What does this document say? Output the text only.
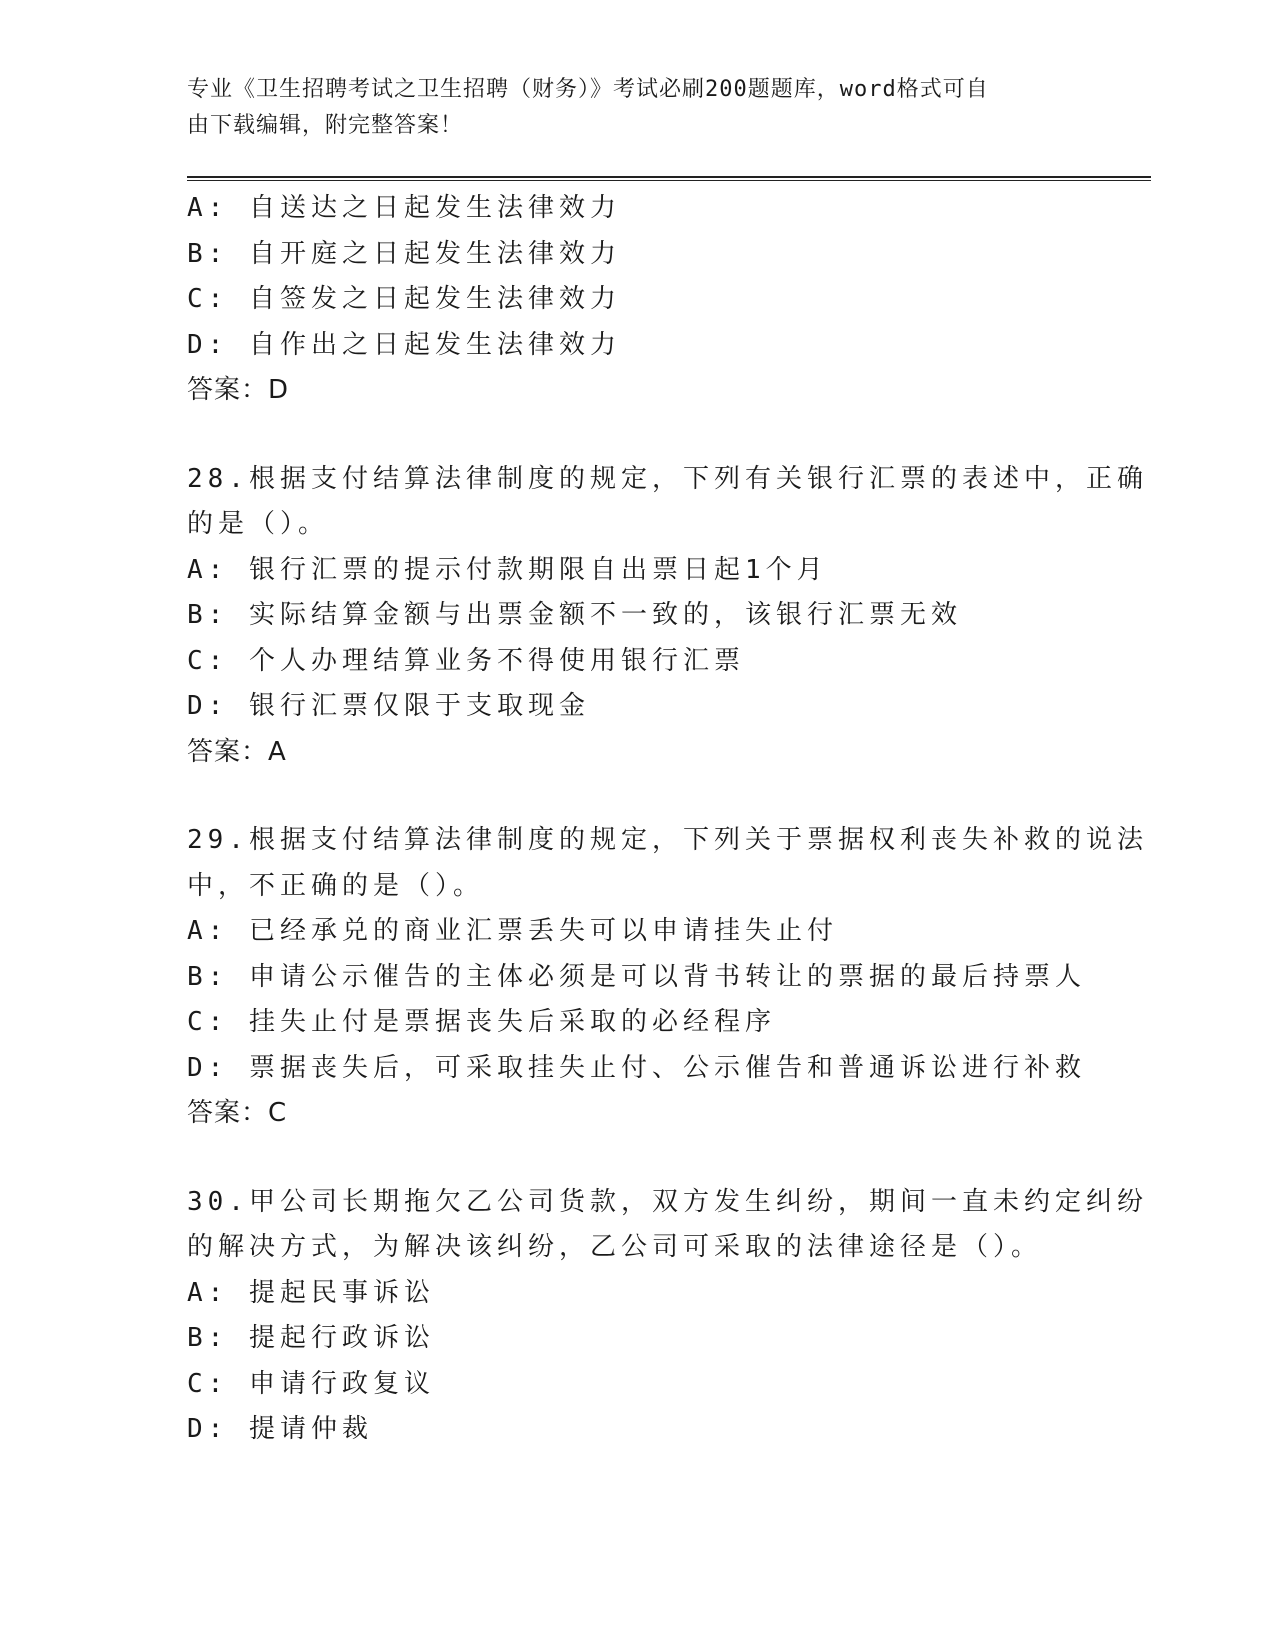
专业《卫生招聘考试之卫生招聘（财务）》考试必刷200题题库，word格式可自
由下载编辑，附完整答案！
A: 自送达之日起发生法律效力
B: 自开庭之日起发生法律效力
C: 自签发之日起发生法律效力
D: 自作出之日起发生法律效力
答案：D
28.根据支付结算法律制度的规定，下列有关银行汇票的表述中，正确
的是（）。
A: 银行汇票的提示付款期限自出票日起1个月
B: 实际结算金额与出票金额不一致的，该银行汇票无效
C: 个人办理结算业务不得使用银行汇票
D: 银行汇票仅限于支取现金
答案：A
29.根据支付结算法律制度的规定，下列关于票据权利丧失补救的说法
中，不正确的是（）。
A: 已经承兑的商业汇票丢失可以申请挂失止付
B: 申请公示催告的主体必须是可以背书转让的票据的最后持票人
C: 挂失止付是票据丧失后采取的必经程序
D: 票据丧失后，可采取挂失止付、公示催告和普通诉讼进行补救
答案：C
30.甲公司长期拖欠乙公司货款，双方发生纠纷，期间一直未约定纠纷
的解决方式，为解决该纠纷，乙公司可采取的法律途径是（）。
A: 提起民事诉讼
B: 提起行政诉讼
C: 申请行政复议
D: 提请仲裁
